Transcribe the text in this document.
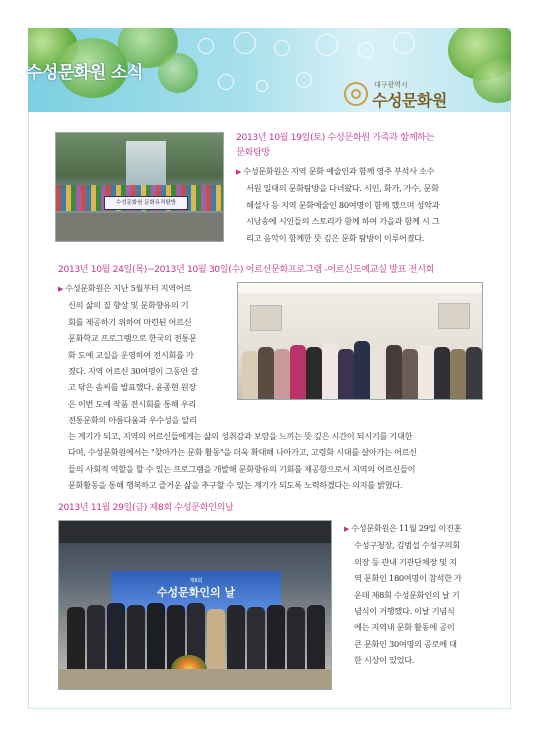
수성문화원 소식
대구광역시
수성문화원
수성문화원 문화유적탐방
2013년 10월 19일(토) 수성문화원 가족과 함께하는
문화탐방
▶ 수성문화원은 지역 문화 예술인과 함께 영주 부석사 소수
서원 일대의 문화탐방을 다녀왔다. 시인, 화가, 가수, 문화
해설사 등 지역 문화예술인 80여명이 함께 했으며 성악과
시낭송에 시인들의 스토리가 함께 하여 가을과 함께 시 그
리고 음악이 함께한 뜻 깊은 문화 탐방이 이루어졌다.
2013년 10월 24일(목)~2013년 10월 30일(수) 어르신문화프로그램 -어르신도예교실 발표 전시회
▶ 수성문화원은 지난 5월부터 지역어르
신의 삶의 질 향상 및 문화향유의 기
회를 제공하기 위하여 마련된 어르신
문화학교 프로그램으로 한국의 전통문
화 도예 교실을 운영하여 전시회를 가
졌다. 지역 어르신 30여명이 그동안 갈
고 닦은 솜씨를 발표했다. 윤종현 원장
은 이번 도예 작품 전시회를 통해 우리
전통문화의 아름다움과 우수성을 알리
는 계기가 되고, 지역의 어르신들에게는 삶의 성취감과 보람을 느끼는 뜻 깊은 시간이 되시기를 기대한
다며, 수성문화원에서는 "찾아가는 문화 활동"을 더욱 확대해 나아가고, 고령화 시대를 살아가는 어르신
들의 사회적 역할을 할 수 있는 프로그램을 개발해 문화향유의 기회를 제공함으로서 지역의 어르신들이
문화활동을 통해 행복하고 즐거운 삶을 추구할 수 있는 계기가 되도록 노력하겠다는 의지를 밝혔다.
2013년 11월 29일(금) 제8회 수성문화인의날
제8회
수성문화인의 날
▶ 수성문화원은 11월 29일 이진훈
수성구청장, 김범섭 수성구의회
의장 등 관내 기관단체장 및 지
역 문화인 180여명이 참석한 가
운데 제8회 수성문화인의 날 기
념식이 거행했다. 이날 기념식
에는 지역내 문화 활동에 공이
큰 문화인 30여명의 공로에 대
한 시상이 있었다.
